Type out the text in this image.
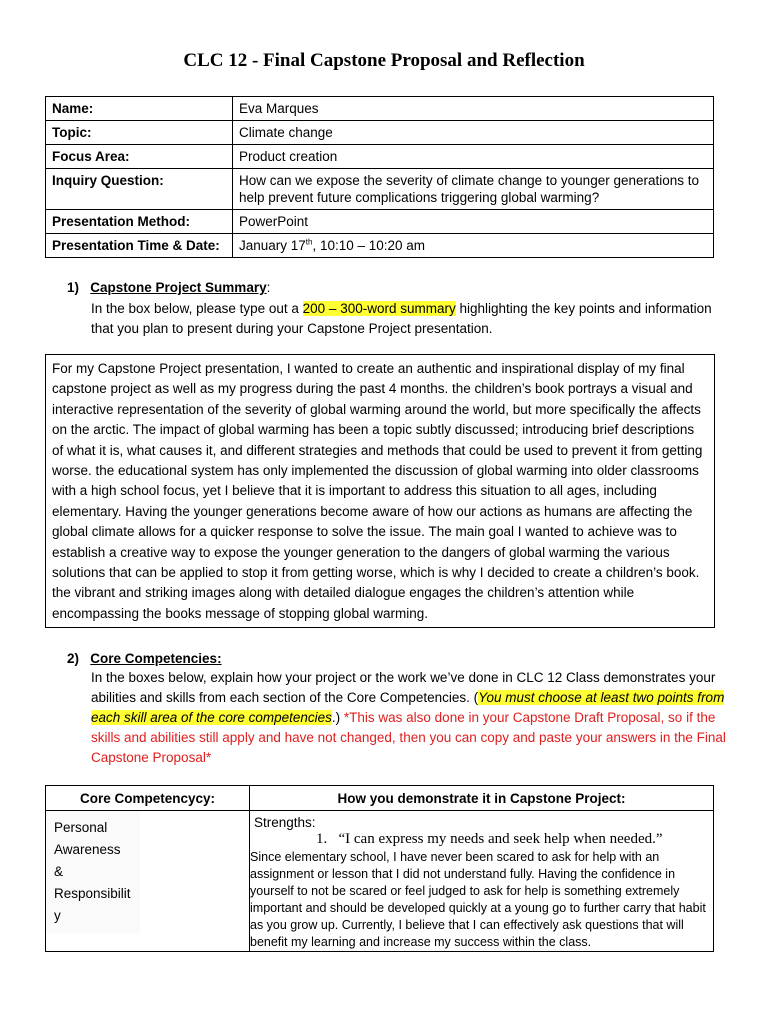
CLC 12 - Final Capstone Proposal and Reflection
Name:	Eva Marques
Topic:	Climate change
Focus Area:	Product creation
Inquiry Question:	How can we expose the severity of climate change to younger generations to help prevent future complications triggering global warming?
Presentation Method:	PowerPoint
Presentation Time & Date:	January 17th, 10:10 – 10:20 am
1) Capstone Project Summary:
In the box below, please type out a 200 – 300-word summary highlighting the key points and information that you plan to present during your Capstone Project presentation.
For my Capstone Project presentation, I wanted to create an authentic and inspirational display of my final capstone project as well as my progress during the past 4 months. the children’s book portrays a visual and interactive representation of the severity of global warming around the world, but more specifically the affects on the arctic. The impact of global warming has been a topic subtly discussed; introducing brief descriptions of what it is, what causes it, and different strategies and methods that could be used to prevent it from getting worse. the educational system has only implemented the discussion of global warming into older classrooms with a high school focus, yet I believe that it is important to address this situation to all ages, including elementary. Having the younger generations become aware of how our actions as humans are affecting the global climate allows for a quicker response to solve the issue. The main goal I wanted to achieve was to establish a creative way to expose the younger generation to the dangers of global warming the various solutions that can be applied to stop it from getting worse, which is why I decided to create a children’s book. the vibrant and striking images along with detailed dialogue engages the children’s attention while encompassing the books message of stopping global warming.
2) Core Competencies:
In the boxes below, explain how your project or the work we’ve done in CLC 12 Class demonstrates your abilities and skills from each section of the Core Competencies. (You must choose at least two points from each skill area of the core competencies.) *This was also done in your Capstone Draft Proposal, so if the skills and abilities still apply and have not changed, then you can copy and paste your answers in the Final Capstone Proposal*
Core Competencycy:	How you demonstrate it in Capstone Project:

Personal Awareness & Responsibilit y	Strengths:
1.   “I can express my needs and seek help when needed.”
Since elementary school, I have never been scared to ask for help with an assignment or lesson that I did not understand fully. Having the confidence in yourself to not be scared or feel judged to ask for help is something extremely important and should be developed quickly at a young go to further carry that habit as you grow up. Currently, I believe that I can effectively ask questions that will benefit my learning and increase my success within the class.
